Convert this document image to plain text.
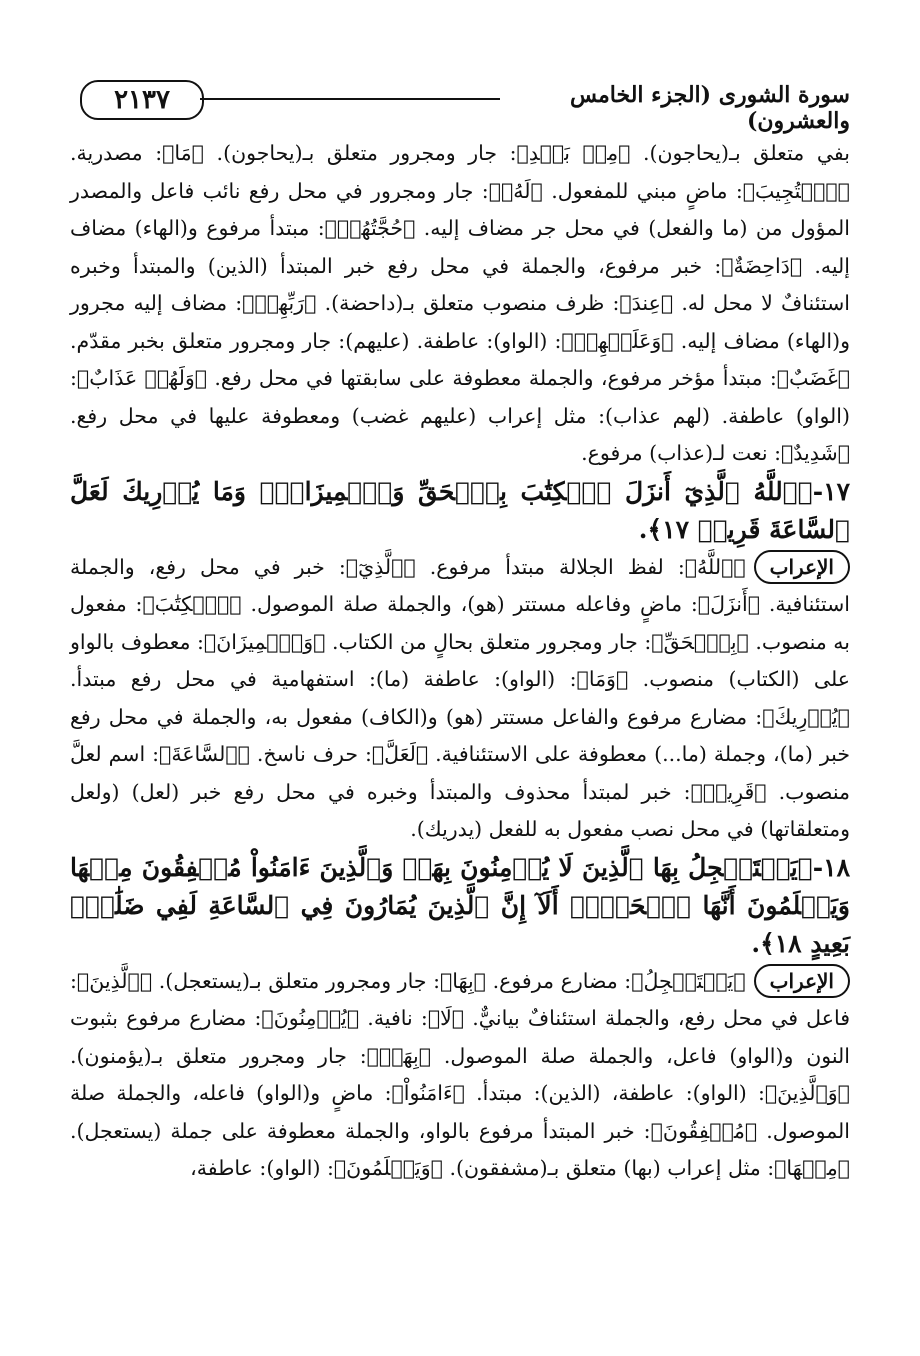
٢١٣٧	سورة الشورى (الجزء الخامس والعشرون)

بفي متعلق بـ(يحاجون). ﴿مِنۢ بَعۡدِ﴾: جار ومجرور متعلق بـ(يحاجون). ﴿مَا﴾: مصدرية. ﴿ٱسۡتُجِيبَ﴾: ماضٍ مبني للمفعول. ﴿لَهُۥ﴾: جار ومجرور في محل رفع نائب فاعل والمصدر المؤول من (ما والفعل) في محل جر مضاف إليه. ﴿حُجَّتُهُمۡ﴾: مبتدأ مرفوع و(الهاء) مضاف إليه. ﴿دَاحِضَةٌ﴾: خبر مرفوع، والجملة في محل رفع خبر المبتدأ (الذين) والمبتدأ وخبره استئنافٌ لا محل له. ﴿عِندَ﴾: ظرف منصوب متعلق بـ(داحضة). ﴿رَبِّهِمۡ﴾: مضاف إليه مجرور و(الهاء) مضاف إليه. ﴿وَعَلَيۡهِمۡ﴾: (الواو): عاطفة. (عليهم): جار ومجرور متعلق بخبر مقدّم. ﴿غَضَبٌ﴾: مبتدأ مؤخر مرفوع، والجملة معطوفة على سابقتها في محل رفع. ﴿وَلَهُمۡ عَذَابٌ﴾: (الواو) عاطفة. (لهم عذاب): مثل إعراب (عليهم غضب) ومعطوفة عليها في محل رفع. ﴿شَدِيدٌ﴾: نعت لـ(عذاب) مرفوع.

١٧-﴿ٱللَّهُ ٱلَّذِيٓ أَنزَلَ ٱلۡكِتَٰبَ بِٱلۡحَقِّ وَٱلۡمِيزَانَۗ وَمَا يُدۡرِيكَ لَعَلَّ ٱلسَّاعَةَ قَرِيبٞ ١٧﴾.

الإعراب﴿ٱللَّهُ﴾: لفظ الجلالة مبتدأ مرفوع. ﴿ٱلَّذِيٓ﴾: خبر في محل رفع، والجملة استئنافية. ﴿أَنزَلَ﴾: ماضٍ وفاعله مستتر (هو)، والجملة صلة الموصول. ﴿ٱلۡكِتَٰبَ﴾: مفعول به منصوب. ﴿بِٱلۡحَقِّ﴾: جار ومجرور متعلق بحالٍ من الكتاب. ﴿وَٱلۡمِيزَانَ﴾: معطوف بالواو على (الكتاب) منصوب. ﴿وَمَا﴾: (الواو): عاطفة (ما): استفهامية في محل رفع مبتدأ. ﴿يُدۡرِيكَ﴾: مضارع مرفوع والفاعل مستتر (هو) و(الكاف) مفعول به، والجملة في محل رفع خبر (ما)، وجملة (ما...) معطوفة على الاستئنافية. ﴿لَعَلَّ﴾: حرف ناسخ. ﴿ٱلسَّاعَةَ﴾: اسم لعلَّ منصوب. ﴿قَرِيبٞ﴾: خبر لمبتدأ محذوف والمبتدأ وخبره في محل رفع خبر (لعل) (ولعل ومتعلقاتها) في محل نصب مفعول به للفعل (يدريك).

١٨-﴿يَسۡتَعۡجِلُ بِهَا ٱلَّذِينَ لَا يُؤۡمِنُونَ بِهَاۖ وَٱلَّذِينَ ءَامَنُواْ مُشۡفِقُونَ مِنۡهَا وَيَعۡلَمُونَ أَنَّهَا ٱلۡحَقُّۗ أَلَآ إِنَّ ٱلَّذِينَ يُمَارُونَ فِي ٱلسَّاعَةِ لَفِي ضَلَٰلِۭ بَعِيدٍ ١٨﴾.

الإعراب﴿يَسۡتَعۡجِلُ﴾: مضارع مرفوع. ﴿بِهَا﴾: جار ومجرور متعلق بـ(يستعجل). ﴿ٱلَّذِينَ﴾: فاعل في محل رفع، والجملة استئنافٌ بيانيٌّ. ﴿لَا﴾: نافية. ﴿يُؤۡمِنُونَ﴾: مضارع مرفوع بثبوت النون و(الواو) فاعل، والجملة صلة الموصول. ﴿بِهَاۖ﴾: جار ومجرور متعلق بـ(يؤمنون). ﴿وَٱلَّذِينَ﴾: (الواو): عاطفة، (الذين): مبتدأ. ﴿ءَامَنُواْ﴾: ماضٍ و(الواو) فاعله، والجملة صلة الموصول. ﴿مُشۡفِقُونَ﴾: خبر المبتدأ مرفوع بالواو، والجملة معطوفة على جملة (يستعجل). ﴿مِنۡهَا﴾: مثل إعراب (بها) متعلق بـ(مشفقون). ﴿وَيَعۡلَمُونَ﴾: (الواو): عاطفة،
